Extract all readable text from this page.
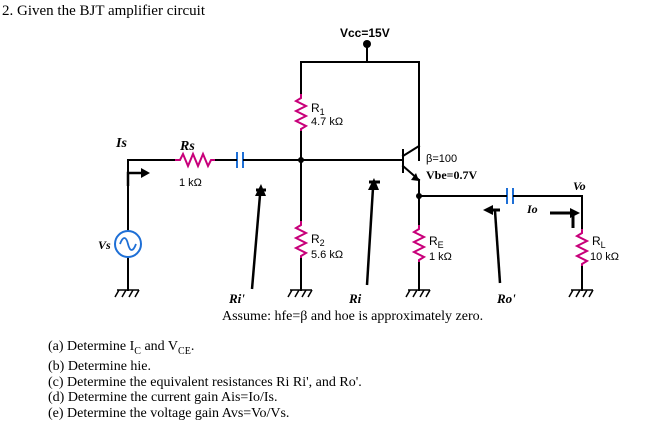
2. Given the BJT amplifier circuit
Vcc=15V
$R_1$
4.7 kΩ
$R_2$
5.6 kΩ
$R_E$
1 kΩ
$R_L$
10 kΩ
Rs
1 kΩ
β=100
Vbe=0.7V
Is
Vs
Io
Vo
Ri'	Ri	Ro'
Assume: hfe=β and hoe is approximately zero.
(a) Determine $I_C$ and $V_{CE}$.
(b) Determine hie.
(c) Determine the equivalent resistances Ri Ri', and Ro'.
(d) Determine the current gain Ais=Io/Is.
(e) Determine the voltage gain Avs=Vo/Vs.
